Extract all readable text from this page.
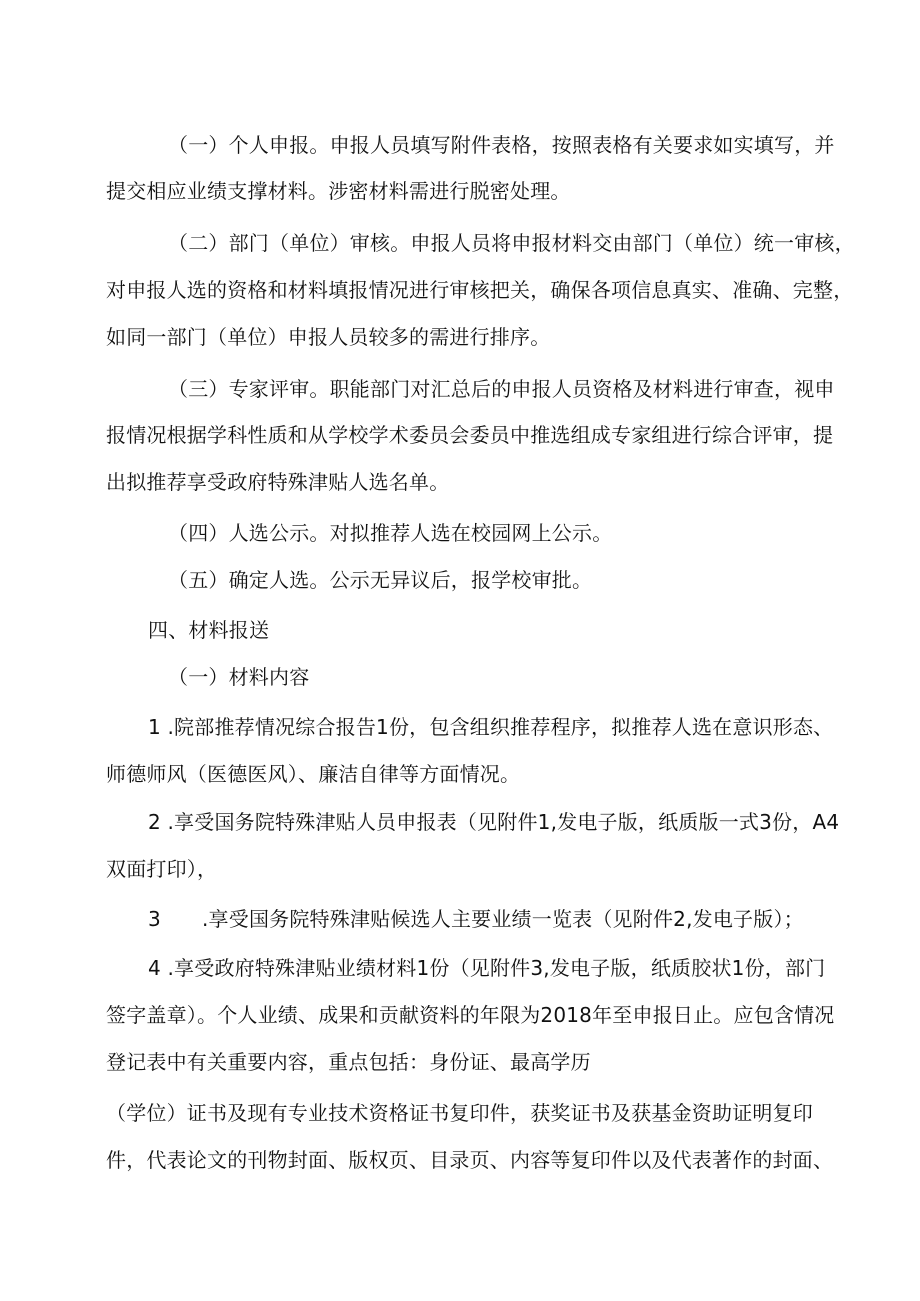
（一）个人申报。申报人员填写附件表格，按照表格有关要求如实填写，并
提交相应业绩支撑材料。涉密材料需进行脱密处理。
（二）部门（单位）审核。申报人员将申报材料交由部门（单位）统一审核，
对申报人选的资格和材料填报情况进行审核把关，确保各项信息真实、准确、完整，
如同一部门（单位）申报人员较多的需进行排序。
（三）专家评审。职能部门对汇总后的申报人员资格及材料进行审查，视申
报情况根据学科性质和从学校学术委员会委员中推选组成专家组进行综合评审，提
出拟推荐享受政府特殊津贴人选名单。
（四）人选公示。对拟推荐人选在校园网上公示。
（五）确定人选。公示无异议后，报学校审批。
四、材料报送
（一）材料内容
1 .院部推荐情况综合报告1份，包含组织推荐程序，拟推荐人选在意识形态、
师德师风（医德医风）、廉洁自律等方面情况。
2 .享受国务院特殊津贴人员申报表（见附件1,发电子版，纸质版一式3份，A4
双面打印），
3 .享受国务院特殊津贴候选人主要业绩一览表（见附件2,发电子版）；
4 .享受政府特殊津贴业绩材料1份（见附件3,发电子版，纸质胶状1份，部门
签字盖章）。个人业绩、成果和贡献资料的年限为2018年至申报日止。应包含情况
登记表中有关重要内容，重点包括：身份证、最高学历
（学位）证书及现有专业技术资格证书复印件，获奖证书及获基金资助证明复印
件，代表论文的刊物封面、版权页、目录页、内容等复印件以及代表著作的封面、
